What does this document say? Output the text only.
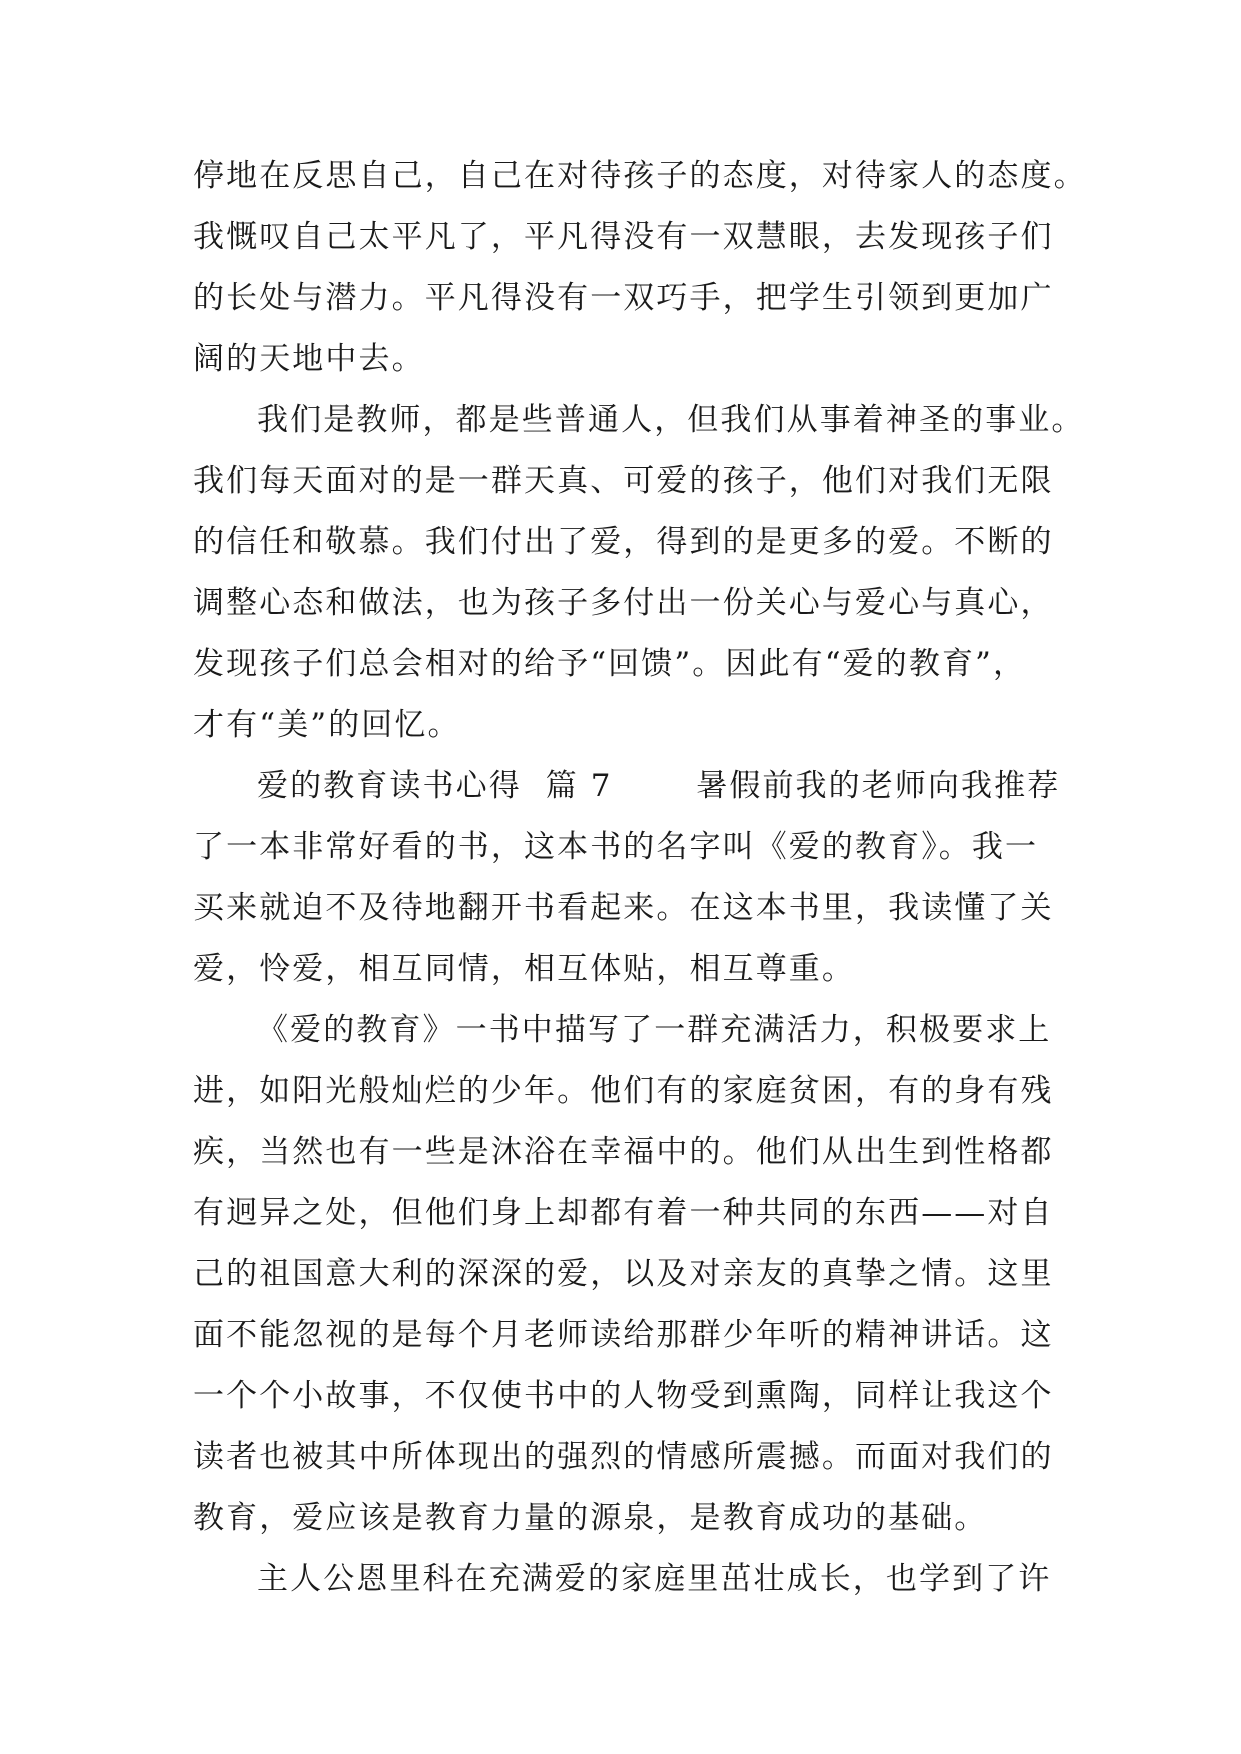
停地在反思自己，自己在对待孩子的态度，对待家人的态度。
我慨叹自己太平凡了，平凡得没有一双慧眼，去发现孩子们
的长处与潜力。平凡得没有一双巧手，把学生引领到更加广
阔的天地中去。
我们是教师，都是些普通人，但我们从事着神圣的事业。
我们每天面对的是一群天真、可爱的孩子，他们对我们无限
的信任和敬慕。我们付出了爱，得到的是更多的爱。不断的
调整心态和做法，也为孩子多付出一份关心与爱心与真心，
发现孩子们总会相对的给予“回馈”。因此有“爱的教育”，
才有“美”的回忆。
爱的教育读书心得  篇 7       暑假前我的老师向我推荐
了一本非常好看的书，这本书的名字叫《爱的教育》。我一
买来就迫不及待地翻开书看起来。在这本书里，我读懂了关
爱，怜爱，相互同情，相互体贴，相互尊重。
《爱的教育》一书中描写了一群充满活力，积极要求上
进，如阳光般灿烂的少年。他们有的家庭贫困，有的身有残
疾，当然也有一些是沐浴在幸福中的。他们从出生到性格都
有迥异之处，但他们身上却都有着一种共同的东西——对自
己的祖国意大利的深深的爱，以及对亲友的真挚之情。这里
面不能忽视的是每个月老师读给那群少年听的精神讲话。这
一个个小故事，不仅使书中的人物受到熏陶，同样让我这个
读者也被其中所体现出的强烈的情感所震撼。而面对我们的
教育，爱应该是教育力量的源泉，是教育成功的基础。
主人公恩里科在充满爱的家庭里茁壮成长，也学到了许
